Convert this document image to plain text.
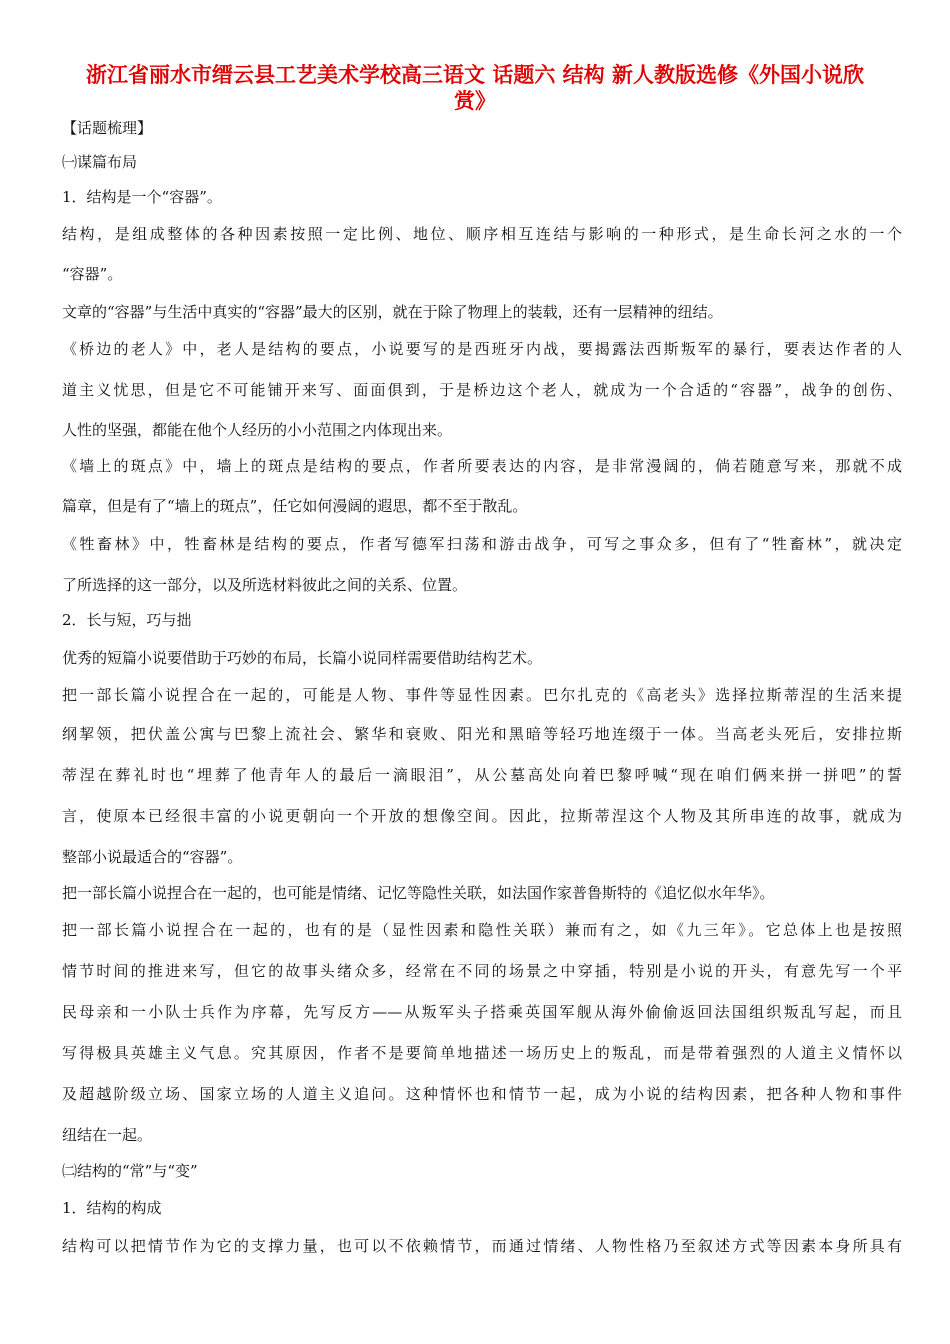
浙江省丽水市缙云县工艺美术学校高三语文 话题六 结构 新人教版选修《外国小说欣
赏》
【话题梳理】
㈠谋篇布局
1．结构是一个“容器”。
结构，是组成整体的各种因素按照一定比例、地位、顺序相互连结与影响的一种形式，是生命长河之水的一个
“容器”。
文章的“容器”与生活中真实的“容器”最大的区别，就在于除了物理上的装载，还有一层精神的纽结。
《桥边的老人》中，老人是结构的要点，小说要写的是西班牙内战，要揭露法西斯叛军的暴行，要表达作者的人
道主义忧思，但是它不可能铺开来写、面面俱到，于是桥边这个老人，就成为一个合适的“容器”，战争的创伤、
人性的坚强，都能在他个人经历的小小范围之内体现出来。
《墙上的斑点》中，墙上的斑点是结构的要点，作者所要表达的内容，是非常漫阔的，倘若随意写来，那就不成
篇章，但是有了“墙上的斑点”，任它如何漫阔的遐思，都不至于散乱。
《牲畜林》中，牲畜林是结构的要点，作者写德军扫荡和游击战争，可写之事众多，但有了“牲畜林”，就决定
了所选择的这一部分，以及所选材料彼此之间的关系、位置。
2．长与短，巧与拙
优秀的短篇小说要借助于巧妙的布局，长篇小说同样需要借助结构艺术。
把一部长篇小说捏合在一起的，可能是人物、事件等显性因素。巴尔扎克的《高老头》选择拉斯蒂涅的生活来提
纲挈领，把伏盖公寓与巴黎上流社会、繁华和衰败、阳光和黑暗等轻巧地连缀于一体。当高老头死后，安排拉斯
蒂涅在葬礼时也“埋葬了他青年人的最后一滴眼泪”，从公墓高处向着巴黎呼喊“现在咱们俩来拼一拼吧”的誓
言，使原本已经很丰富的小说更朝向一个开放的想像空间。因此，拉斯蒂涅这个人物及其所串连的故事，就成为
整部小说最适合的“容器”。
把一部长篇小说捏合在一起的，也可能是情绪、记忆等隐性关联，如法国作家普鲁斯特的《追忆似水年华》。
把一部长篇小说捏合在一起的，也有的是（显性因素和隐性关联）兼而有之，如《九三年》。它总体上也是按照
情节时间的推进来写，但它的故事头绪众多，经常在不同的场景之中穿插，特别是小说的开头，有意先写一个平
民母亲和一小队士兵作为序幕，先写反方——从叛军头子搭乘英国军舰从海外偷偷返回法国组织叛乱写起，而且
写得极具英雄主义气息。究其原因，作者不是要简单地描述一场历史上的叛乱，而是带着强烈的人道主义情怀以
及超越阶级立场、国家立场的人道主义追问。这种情怀也和情节一起，成为小说的结构因素，把各种人物和事件
纽结在一起。
㈡结构的“常”与“变”
1．结构的构成
结构可以把情节作为它的支撑力量，也可以不依赖情节，而通过情绪、人物性格乃至叙述方式等因素本身所具有
